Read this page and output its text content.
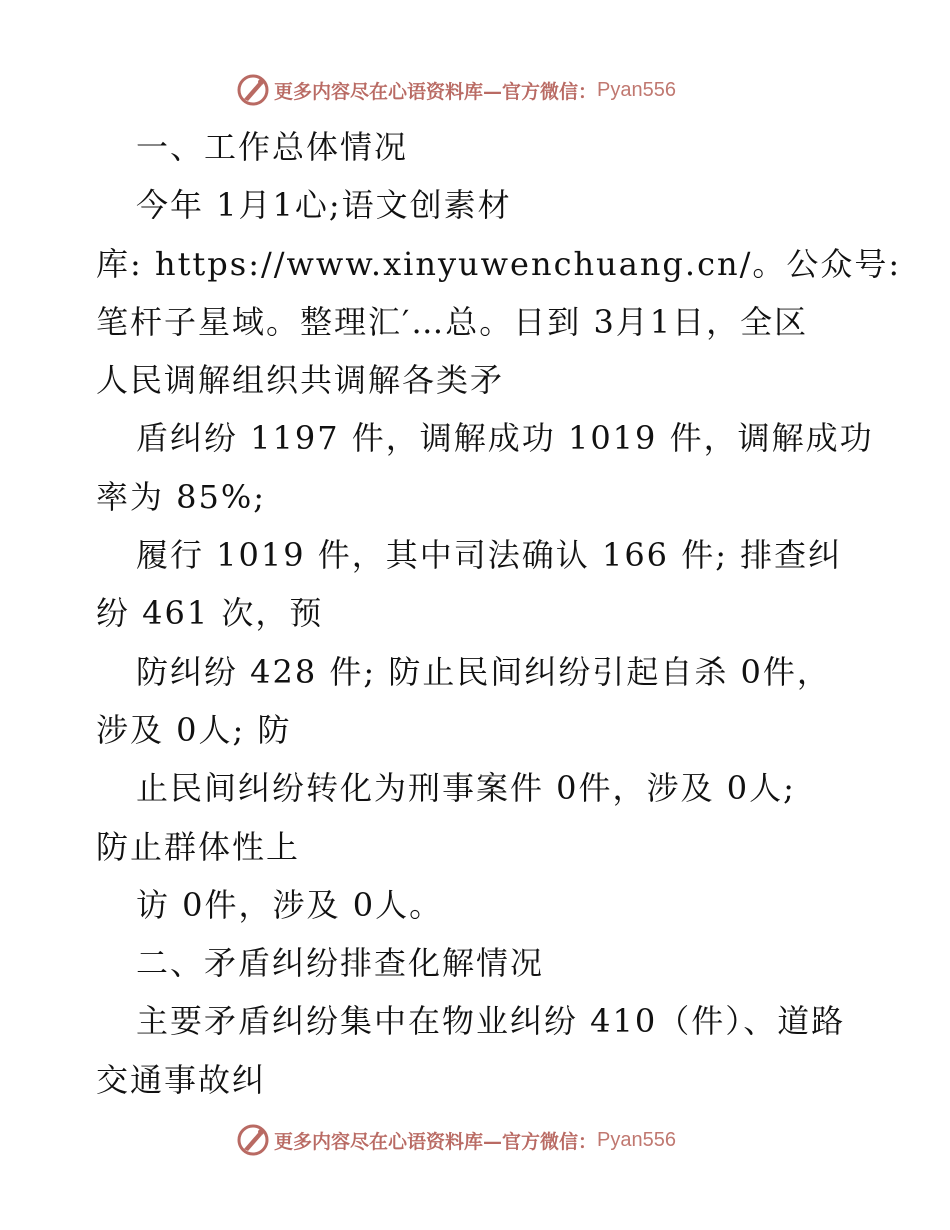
更多内容尽在心语资料库—官方微信： Pyan556
一、工作总体情况
今年 1月1心;语文创素材
库: https://www.xinyuwenchuang.cn/。公众号:
笔杆子星域。整理汇′…总。日到 3月1日，全区
人民调解组织共调解各类矛
盾纠纷 1197 件，调解成功 1019 件，调解成功
率为 85%;
履行 1019 件，其中司法确认 166 件; 排查纠
纷 461 次，预
防纠纷 428 件; 防止民间纠纷引起自杀 0件，
涉及 0人; 防
止民间纠纷转化为刑事案件 0件，涉及 0人;
防止群体性上
访 0件，涉及 0人。
二、矛盾纠纷排查化解情况
主要矛盾纠纷集中在物业纠纷 410（件）、道路
交通事故纠
更多内容尽在心语资料库—官方微信： Pyan556
